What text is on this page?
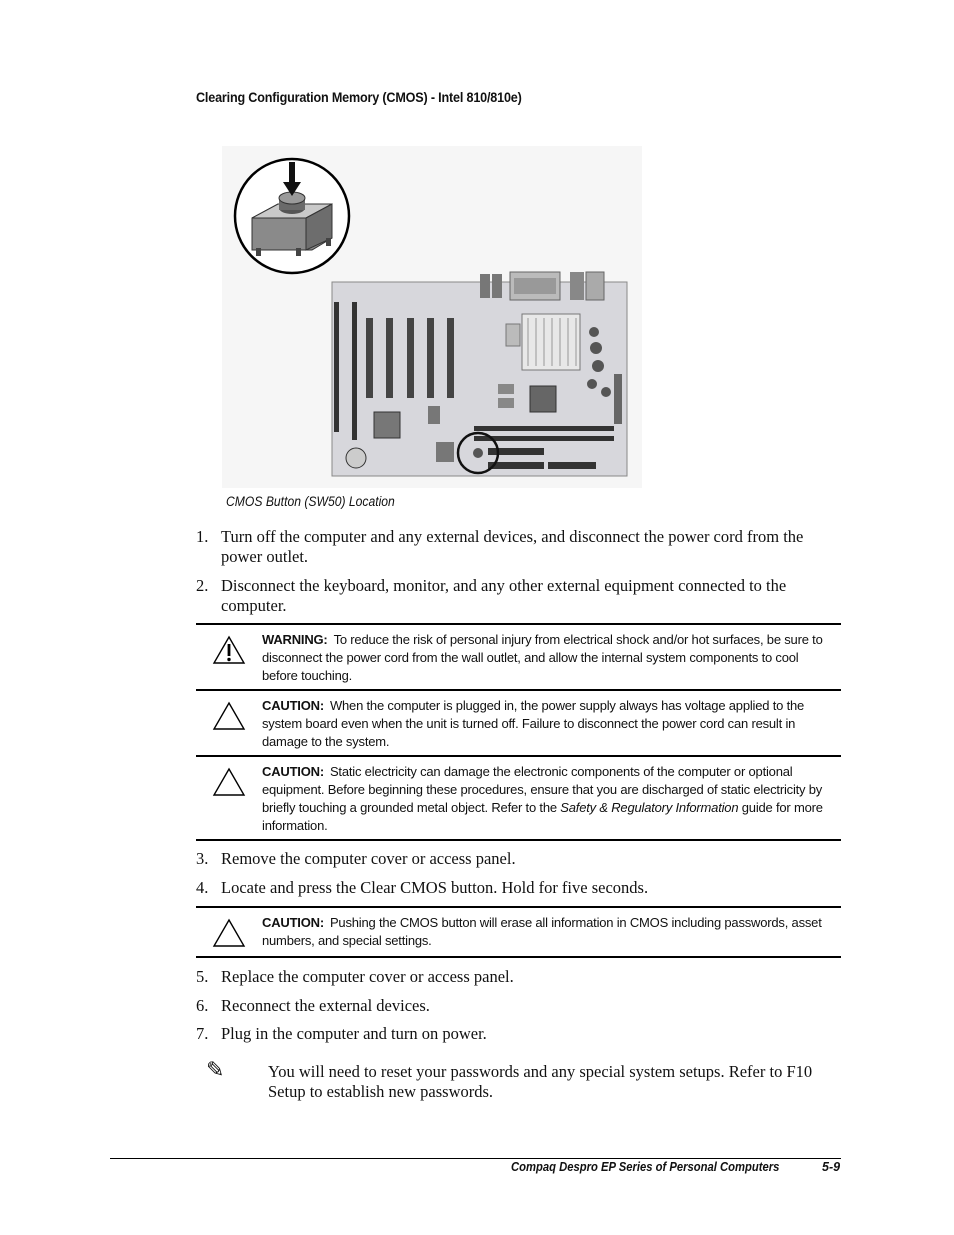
Clearing Configuration Memory (CMOS) - Intel 810/810e)
CMOS Button (SW50) Location
1. Turn off the computer and any external devices, and disconnect the power cord from the power outlet.
2. Disconnect the keyboard, monitor, and any other external equipment connected to the computer.
WARNING: To reduce the risk of personal injury from electrical shock and/or hot surfaces, be sure to disconnect the power cord from the wall outlet, and allow the internal system components to cool before touching.
CAUTION: When the computer is plugged in, the power supply always has voltage applied to the system board even when the unit is turned off. Failure to disconnect the power cord can result in damage to the system.
CAUTION: Static electricity can damage the electronic components of the computer or optional equipment. Before beginning these procedures, ensure that you are discharged of static electricity by briefly touching a grounded metal object. Refer to the Safety & Regulatory Information guide for more information.
3. Remove the computer cover or access panel.
4. Locate and press the Clear CMOS button. Hold for five seconds.
CAUTION: Pushing the CMOS button will erase all information in CMOS including passwords, asset numbers, and special settings.
5. Replace the computer cover or access panel.
6. Reconnect the external devices.
7. Plug in the computer and turn on power.
✎	You will need to reset your passwords and any special system setups. Refer to F10 Setup to establish new passwords.
Compaq Despro EP Series of Personal Computers	5-9
